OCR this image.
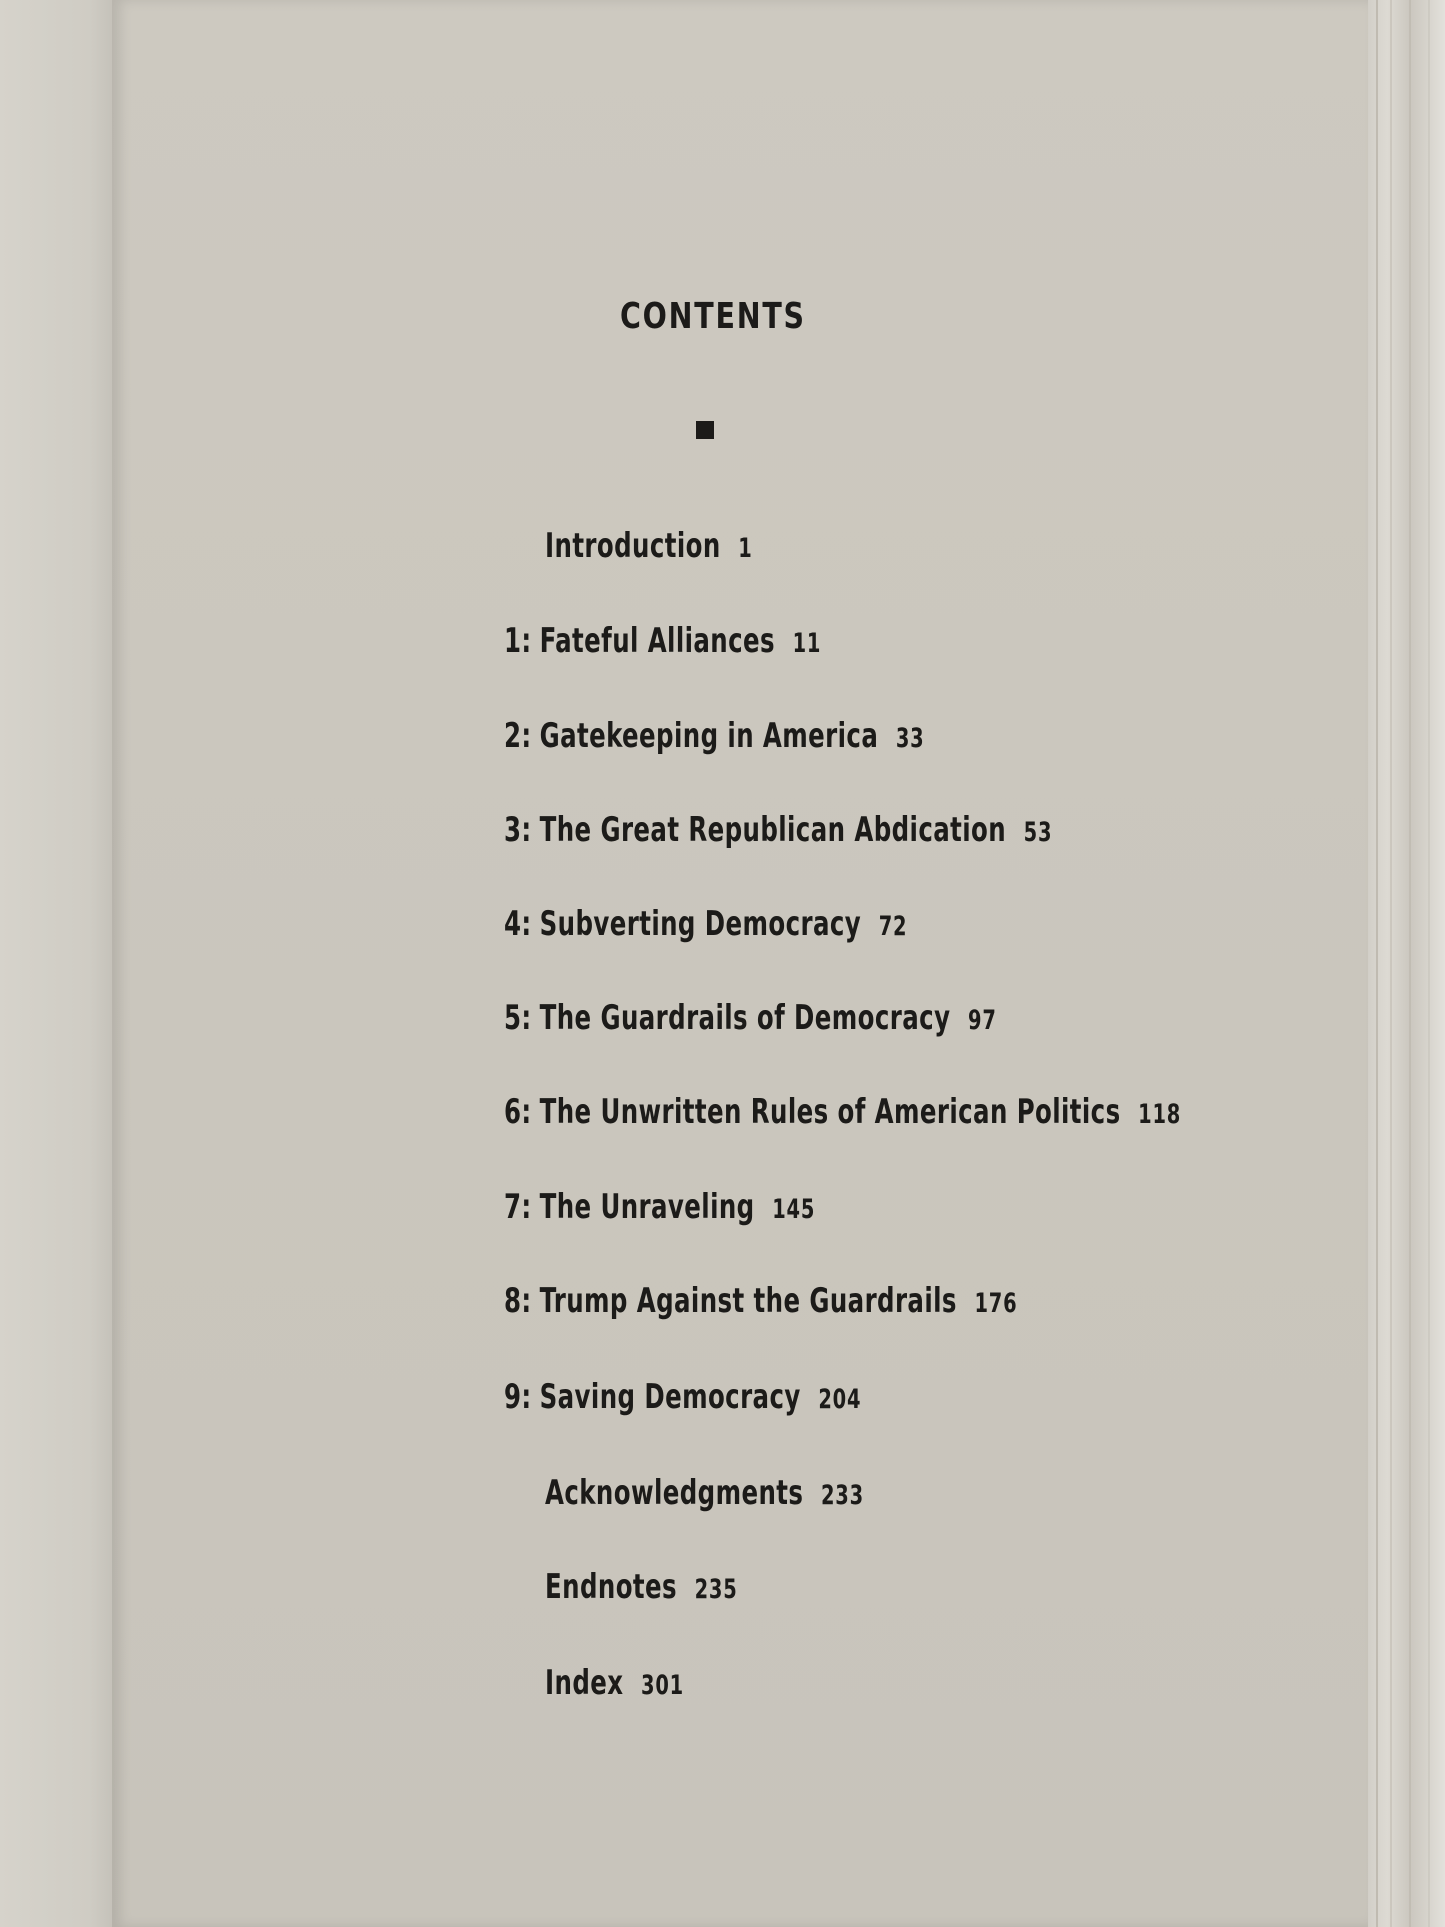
CONTENTS
Introduction 1
1: Fateful Alliances 11
2: Gatekeeping in America 33
3: The Great Republican Abdication 53
4: Subverting Democracy 72
5: The Guardrails of Democracy 97
6: The Unwritten Rules of American Politics 118
7: The Unraveling 145
8: Trump Against the Guardrails 176
9: Saving Democracy 204
Acknowledgments 233
Endnotes 235
Index 301
